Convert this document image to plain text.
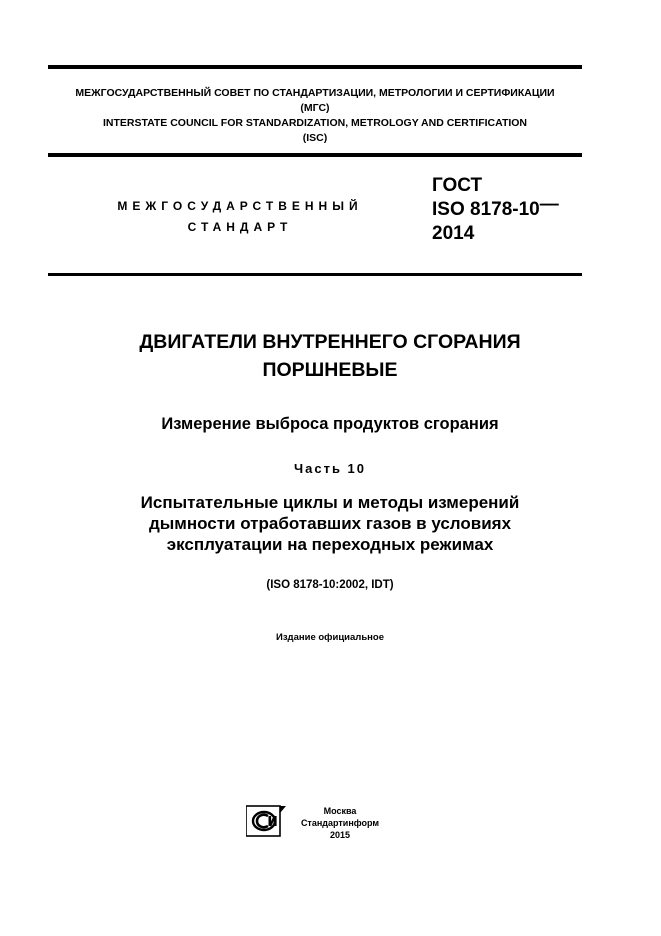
МЕЖГОСУДАРСТВЕННЫЙ СОВЕТ ПО СТАНДАРТИЗАЦИИ, МЕТРОЛОГИИ И СЕРТИФИКАЦИИ
(МГС)
INTERSTATE COUNCIL FOR STANDARDIZATION, METROLOGY AND CERTIFICATION
(ISC)
МЕЖГОСУДАРСТВЕННЫЙ
СТАНДАРТ
ГОСТ
ISO 8178-10—
2014
ДВИГАТЕЛИ ВНУТРЕННЕГО СГОРАНИЯ
ПОРШНЕВЫЕ
Измерение выброса продуктов сгорания
Часть 10
Испытательные циклы и методы измерений
дымности отработавших газов в условиях
эксплуатации на переходных режимах
(ISO 8178-10:2002, IDT)
Издание официальное
Москва
Стандартинформ
2015
